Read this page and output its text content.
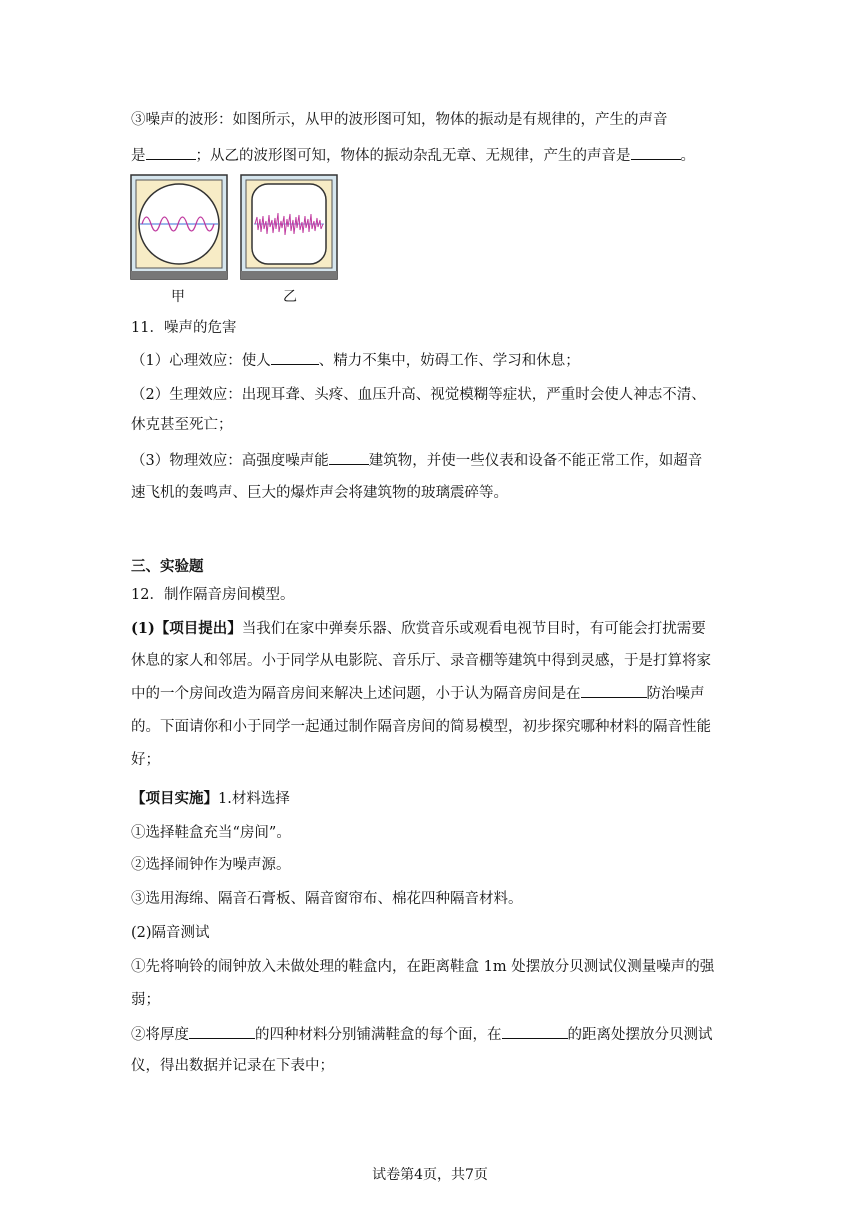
③噪声的波形：如图所示，从甲的波形图可知，物体的振动是有规律的，产生的声音
是	；从乙的波形图可知，物体的振动杂乱无章、无规律，产生的声音是	。
甲	乙
11．噪声的危害
（1）心理效应：使人	、精力不集中，妨碍工作、学习和休息；
（2）生理效应：出现耳聋、头疼、血压升高、视觉模糊等症状，严重时会使人神志不清、
休克甚至死亡；
（3）物理效应：高强度噪声能	建筑物，并使一些仪表和设备不能正常工作，如超音
速飞机的轰鸣声、巨大的爆炸声会将建筑物的玻璃震碎等。
三、实验题
12．制作隔音房间模型。
(1)【项目提出】当我们在家中弹奏乐器、欣赏音乐或观看电视节目时，有可能会打扰需要
休息的家人和邻居。小于同学从电影院、音乐厅、录音棚等建筑中得到灵感，于是打算将家
中的一个房间改造为隔音房间来解决上述问题，小于认为隔音房间是在	防治噪声
的。下面请你和小于同学一起通过制作隔音房间的简易模型，初步探究哪种材料的隔音性能
好；
【项目实施】1.材料选择
①选择鞋盒充当“房间”。
②选择闹钟作为噪声源。
③选用海绵、隔音石膏板、隔音窗帘布、棉花四种隔音材料。
(2)隔音测试
①先将响铃的闹钟放入未做处理的鞋盒内，在距离鞋盒 1m 处摆放分贝测试仪测量噪声的强
弱；
②将厚度	的四种材料分别铺满鞋盒的每个面，在	的距离处摆放分贝测试
仪，得出数据并记录在下表中；
试卷第4页，共7页
